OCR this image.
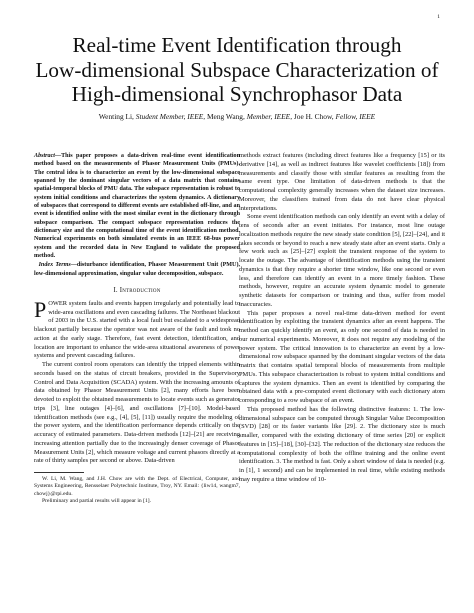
1
Real-time Event Identification through
Low-dimensional Subspace Characterization of
High-dimensional Synchrophasor Data
Wenting Li, Student Member, IEEE, Meng Wang, Member, IEEE, Joe H. Chow, Fellow, IEEE

Abstract—This paper proposes a data-driven real-time event identification method based on the measurements of Phasor Measurement Units (PMUs). The central idea is to characterize an event by the low-dimensional subspace spanned by the dominant singular vectors of a data matrix that contains spatial-temporal blocks of PMU data. The subspace representation is robust to system initial conditions and characterizes the system dynamics. A dictionary of subspaces that correspond to different events are established off-line, and an event is identified online with the most similar event in the dictionary through subspace comparison. The compact subspace representation reduces the dictionary size and the computational time of the event identification method. Numerical experiments on both simulated events in an IEEE 68-bus power system and the recorded data in New England to validate the proposed method.

Index Terms—disturbance identification, Phasor Measurement Unit (PMU), low-dimensional approximation, singular value decomposition, subspace.

I. Introduction

POWER system faults and events happen irregularly and potentially lead to wide-area oscillations and even cascading failures. The Northeast blackout of 2003 in the U.S. started with a local fault but escalated to a widespread blackout partially because the operator was not aware of the fault and took no action at the early stage. Therefore, fast event detection, identification, and location are important to enhance the wide-area situational awareness of power systems and prevent cascading failures.

The current control room operators can identify the tripped elements within seconds based on the status of circuit breakers, provided in the Supervisory Control and Data Acquisition (SCADA) system. With the increasing amounts of data obtained by Phasor Measurement Units [2], many efforts have been devoted to exploit the obtained measurements to locate events such as generator trips [3], line outages [4]–[6], and oscillations [7]–[10]. Model-based identification methods (see e.g., [4], [5], [11]) usually require the modeling of the power system, and the identification performance depends critically on the accuracy of estimated parameters. Data-driven methods [12]–[21] are receiving increasing attention partially due to the increasingly denser coverage of Phasor Measurement Units [2], which measure voltage and current phasors directly at a rate of thirty samples per second or above. Data-driven

W. Li, M. Wang, and J.H. Chow are with the Dept. of Electrical, Computer, and Systems Engineering, Rensselaer Polytechnic Institute, Troy, NY. Email: {liw14, wangm7, chowj}@rpi.edu.

Preliminary and partial results will appear in [1].

methods extract features (including direct features like a frequency [15] or its derivative [14], as well as indirect features like wavelet coefficients [18]) from measurements and classify those with similar features as resulting from the same event type. One limitation of data-driven methods is that the computational complexity generally increases when the dataset size increases. Moreover, the classifiers trained from data do not have clear physical interpretations.

Some event identification methods can only identify an event with a delay of tens of seconds after an event initiates. For instance, most line outage localization methods require the new steady state condition [5], [22]–[24], and it takes seconds or beyond to reach a new steady state after an event starts. Only a few work such as [25]–[27] exploit the transient response of the system to locate the outage. The advantage of identification methods using the transient dynamics is that they require a shorter time window, like one second or even less, and therefore can identify an event in a more timely fashion. These methods, however, require an accurate system dynamic model to generate synthetic datasets for comparison or training and thus, suffer from model inaccuracies.

This paper proposes a novel real-time data-driven method for event identification by exploiting the transient dynamics after an event happens. The method can quickly identify an event, as only one second of data is needed in our numerical experiments. Moreover, it does not require any modeling of the power system. The critical innovation is to characterize an event by a low-dimensional row subspace spanned by the dominant singular vectors of the data matrix that contains spatial temporal blocks of measurements from multiple PMUs. This subspace characterization is robust to system initial conditions and captures the system dynamics. Then an event is identified by comparing the obtained data with a pre-computed event dictionary with each dictionary atom corresponding to a row subspace of an event.

This proposed method has the following distinctive features: 1. The low-dimensional subspace can be computed through Singular Value Decomposition (SVD) [28] or its faster variants like [29]. 2. The dictionary size is much smaller, compared with the existing dictionary of time series [20] or explicit features in [15]–[18], [30]–[32]. The reduction of the dictionary size reduces the computational complexity of both the offline training and the online event identification. 3. The method is fast. Only a short window of data is needed (e.g. in [1], 1 second) and can be implemented in real time, while existing methods may require a time window of 10-
